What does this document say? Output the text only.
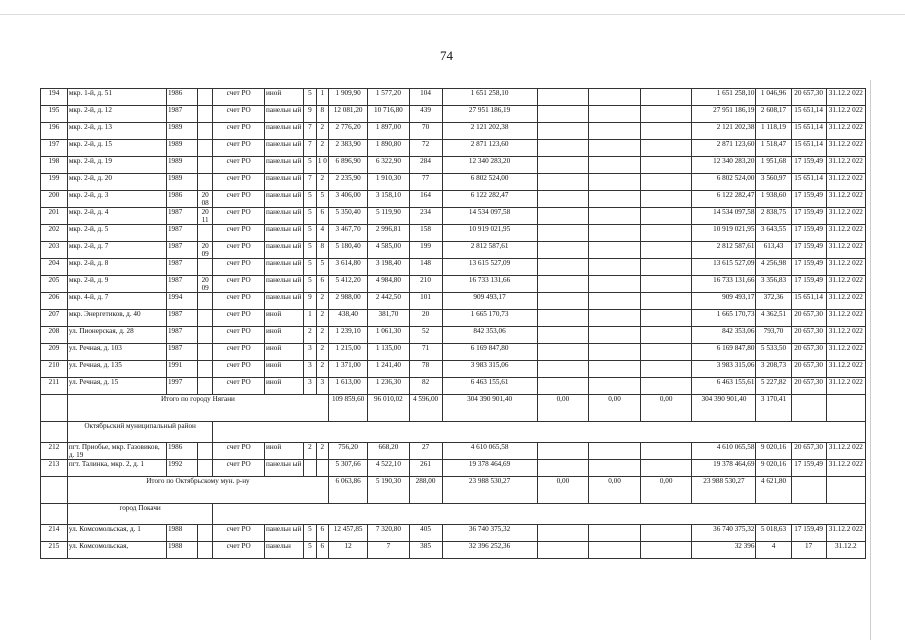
74
194	мкр. 1-й, д. 51	1986		счет РО	иной	5	1	1 909,90	1 577,20	104	1 651 258,10				1 651 258,10	1 046,96	20 657,30	31.12.2 022
195	мкр. 2-й, д. 12	1987		счет РО	панельн ый	9	8	12 081,20	10 716,80	439	27 951 186,19				27 951 186,19	2 608,17	15 651,14	31.12.2 022
196	мкр. 2-й, д. 13	1989		счет РО	панельн ый	7	2	2 776,20	1 897,00	70	2 121 202,38				2 121 202,38	1 118,19	15 651,14	31.12.2 022
197	мкр. 2-й, д. 15	1989		счет РО	панельн ый	7	2	2 383,90	1 890,80	72	2 871 123,60				2 871 123,60	1 518,47	15 651,14	31.12.2 022
198	мкр. 2-й, д. 19	1989		счет РО	панельн ый	5	1 0	6 896,90	6 322,90	284	12 340 283,20				12 340 283,20	1 951,68	17 159,49	31.12.2 022
199	мкр. 2-й, д. 20	1989		счет РО	панельн ый	7	2	2 235,90	1 910,30	77	6 802 524,00				6 802 524,00	3 560,97	15 651,14	31.12.2 022
200	мкр. 2-й, д. 3	1986	20 08	счет РО	панельн ый	5	5	3 406,00	3 158,10	164	6 122 282,47				6 122 282,47	1 938,60	17 159,49	31.12.2 022
201	мкр. 2-й, д. 4	1987	20 11	счет РО	панельн ый	5	6	5 350,40	5 119,90	234	14 534 097,58				14 534 097,58	2 838,75	17 159,49	31.12.2 022
202	мкр. 2-й, д. 5	1987		счет РО	панельн ый	5	4	3 467,70	2 996,81	158	10 919 021,95				10 919 021,95	3 643,55	17 159,49	31.12.2 022
203	мкр. 2-й, д. 7	1987	20 09	счет РО	панельн ый	5	8	5 180,40	4 585,00	199	2 812 587,61				2 812 587,61	613,43	17 159,49	31.12.2 022
204	мкр. 2-й, д. 8	1987		счет РО	панельн ый	5	5	3 614,80	3 198,40	148	13 615 527,09				13 615 527,09	4 256,98	17 159,49	31.12.2 022
205	мкр. 2-й, д. 9	1987	20 09	счет РО	панельн ый	5	6	5 412,20	4 984,80	210	16 733 131,66				16 733 131,66	3 356,83	17 159,49	31.12.2 022
206	мкр. 4-й, д. 7	1994		счет РО	панельн ый	9	2	2 988,00	2 442,50	101	909 493,17				909 493,17	372,36	15 651,14	31.12.2 022
207	мкр. Энергетиков, д. 40	1987		счет РО	иной	1	2	438,40	381,70	20	1 665 170,73				1 665 170,73	4 362,51	20 657,30	31.12.2 022
208	ул. Пионерская, д. 28	1987		счет РО	иной	2	2	1 239,10	1 061,30	52	842 353,06				842 353,06	793,70	20 657,30	31.12.2 022
209	ул. Речная, д. 103	1987		счет РО	иной	3	2	1 215,00	1 135,00	71	6 169 847,80				6 169 847,80	5 533,50	20 657,30	31.12.2 022
210	ул. Речная, д. 135	1991		счет РО	иной	3	2	1 371,00	1 241,40	78	3 983 315,06				3 983 315,06	3 208,73	20 657,30	31.12.2 022
211	ул. Речная, д. 15	1997		счет РО	иной	3	3	1 613,00	1 236,30	82	6 463 155,61				6 463 155,61	5 227,82	20 657,30	31.12.2 022
	Итого по городу Нягани							109 859,60	96 010,02	4 596,00	304 390 901,40	0,00	0,00	0,00	304 390 901,40	3 170,41		
	Октябрьский муниципальный район																	
212	пгт. Приобье, мкр. Газовиков, д. 19	1986		счет РО	иной	2	2	756,20	668,20	27	4 610 065,58				4 610 065,58	9 020,16	20 657,30	31.12.2 022
213	пгт. Талинка, мкр. 2, д. 1	1992		счет РО	панельн ый			5 307,66	4 522,10	261	19 378 464,69				19 378 464,69	9 020,16	17 159,49	31.12.2 022
	Итого по Октябрьскому мун. р-ну							6 063,86	5 190,30	288,00	23 988 530,27	0,00	0,00	0,00	23 988 530,27	4 621,80		
	город Покачи																	
214	ул. Комсомольская, д. 1	1988		счет РО	панельн ый	5	6	12 457,85	7 320,80	405	36 740 375,32				36 740 375,32	5 018,63	17 159,49	31.12.2 022
215	ул. Комсомольская,	1988		счет РО	панельн	5	6	12	7	385	32 396 252,36				32 396	4	17	31.12.2
